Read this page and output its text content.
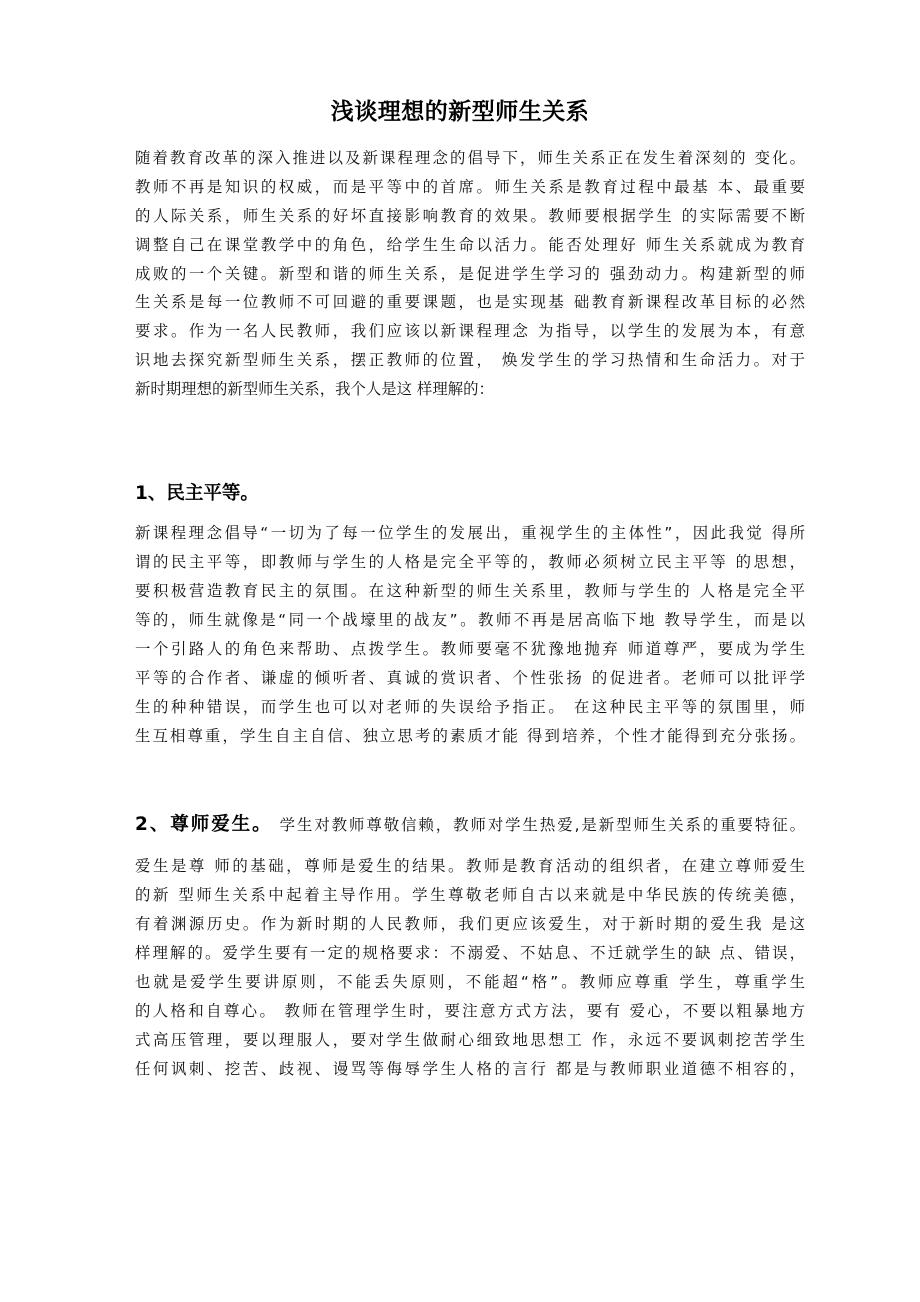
浅谈理想的新型师生关系
随着教育改革的深入推进以及新课程理念的倡导下，师生关系正在发生着深刻的 变化。
教师不再是知识的权威，而是平等中的首席。师生关系是教育过程中最基 本、最重要
的人际关系，师生关系的好坏直接影响教育的效果。教师要根据学生 的实际需要不断
调整自己在课堂教学中的角色，给学生生命以活力。能否处理好 师生关系就成为教育
成败的一个关键。新型和谐的师生关系，是促进学生学习的 强劲动力。构建新型的师
生关系是每一位教师不可回避的重要课题，也是实现基 础教育新课程改革目标的必然
要求。作为一名人民教师，我们应该以新课程理念 为指导，以学生的发展为本，有意
识地去探究新型师生关系，摆正教师的位置， 焕发学生的学习热情和生命活力。对于
新时期理想的新型师生关系，我个人是这 样理解的：
1、民主平等。
新课程理念倡导“一切为了每一位学生的发展出，重视学生的主体性”，因此我觉 得所
谓的民主平等，即教师与学生的人格是完全平等的，教师必须树立民主平等 的思想，
要积极营造教育民主的氛围。在这种新型的师生关系里，教师与学生的 人格是完全平
等的，师生就像是“同一个战壕里的战友”。教师不再是居高临下地 教导学生，而是以
一个引路人的角色来帮助、点拨学生。教师要毫不犹豫地抛弃 师道尊严，要成为学生
平等的合作者、谦虚的倾听者、真诚的赏识者、个性张扬 的促进者。老师可以批评学
生的种种错误，而学生也可以对老师的失误给予指正。 在这种民主平等的氛围里，师
生互相尊重，学生自主自信、独立思考的素质才能 得到培养，个性才能得到充分张扬。
2、尊师爱生。 学生对教师尊敬信赖，教师对学生热爱,是新型师生关系的重要特征。
爱生是尊 师的基础，尊师是爱生的结果。教师是教育活动的组织者，在建立尊师爱生
的新 型师生关系中起着主导作用。学生尊敬老师自古以来就是中华民族的传统美德，
有着渊源历史。作为新时期的人民教师，我们更应该爱生，对于新时期的爱生我 是这
样理解的。爱学生要有一定的规格要求：不溺爱、不姑息、不迁就学生的缺 点、错误，
也就是爱学生要讲原则，不能丢失原则，不能超“格”。教师应尊重 学生，尊重学生
的人格和自尊心。 教师在管理学生时，要注意方式方法，要有 爱心，不要以粗暴地方
式高压管理，要以理服人，要对学生做耐心细致地思想工 作，永远不要讽刺挖苦学生
任何讽刺、挖苦、歧视、谩骂等侮辱学生人格的言行 都是与教师职业道德不相容的，
